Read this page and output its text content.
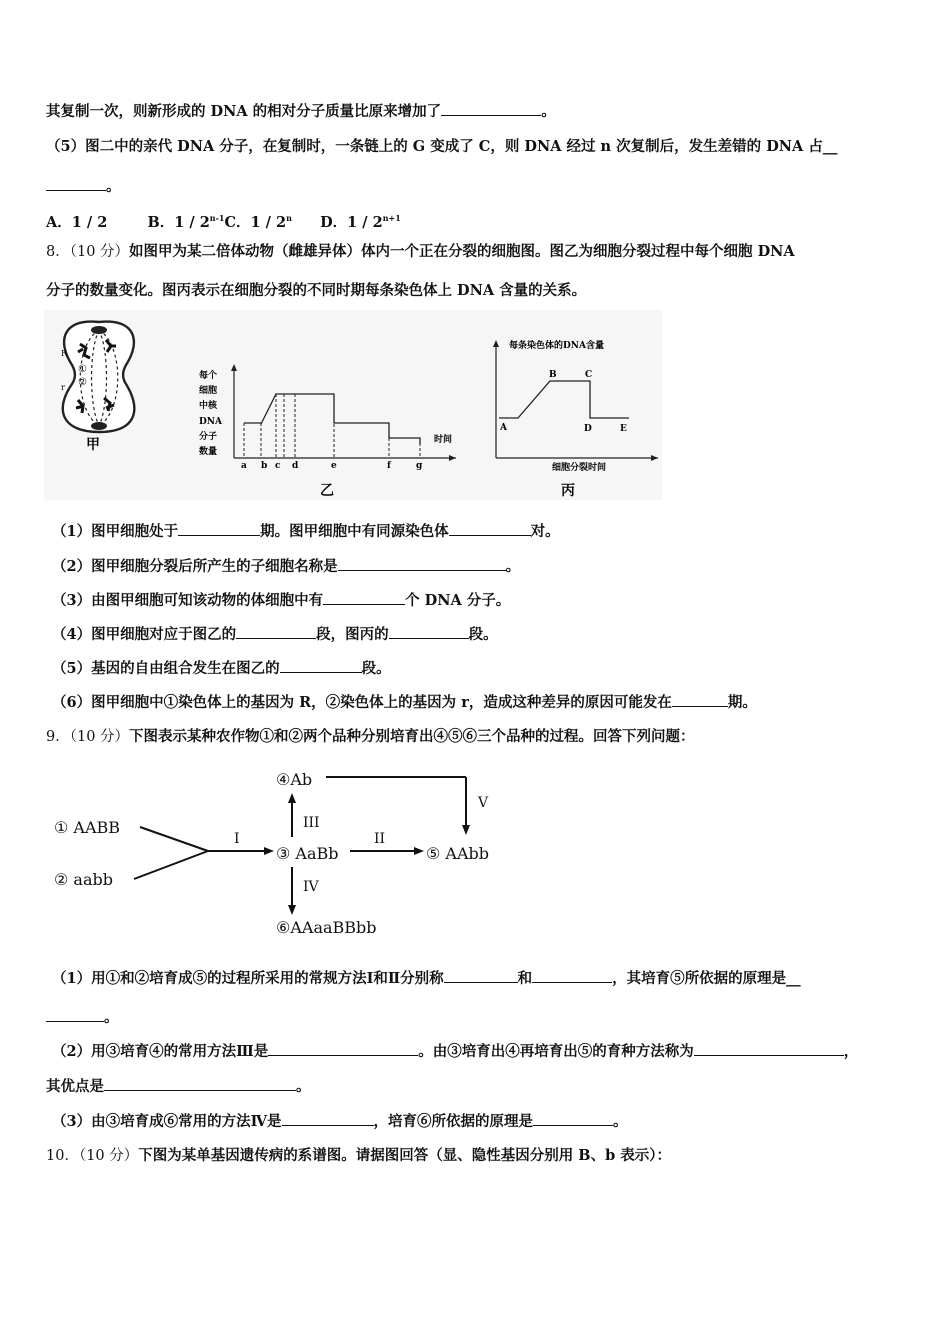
其复制一次，则新形成的 DNA 的相对分子质量比原来增加了	。
（5）图二中的亲代 DNA 分子，在复制时，一条链上的 G 变成了 C，则 DNA 经过 n 次复制后，发生差错的 DNA 占__
。
A．1 / 2	B．1 / 2$^{n-1}$C．1 / 2$^n$ D．$1 / 2^{n+1}$
8．（10 分）如图甲为某二倍体动物（雌雄异体）体内一个正在分裂的细胞图。图乙为细胞分裂过程中每个细胞 DNA
分子的数量变化。图丙表示在细胞分裂的不同时期每条染色体上 DNA 含量的关系。
R
r
①
②
甲
每个
细胞
中核
DNA
分子
数量
时间
a b c d	e	f	g
乙
每条染色体的DNA含量
A
B	C
D	E
细胞分裂时间
丙
（1）图甲细胞处于	期。图甲细胞中有同源染色体	对。
（2）图甲细胞分裂后所产生的子细胞名称是	。
（3）由图甲细胞可知该动物的体细胞中有	个 DNA 分子。
（4）图甲细胞对应于图乙的	段，图丙的	段。
（5）基因的自由组合发生在图乙的	段。
（6）图甲细胞中①染色体上的基因为 R，②染色体上的基因为 r，造成这种差异的原因可能发在	期。
9．（10 分）下图表示某种农作物①和②两个品种分别培育出④⑤⑥三个品种的过程。回答下列问题：
① AABB
② aabb
③ AaBb
④Ab
⑤ AAbb
⑥AAaaBBbb
I	II
III
IV
V
（1）用①和②培育成⑤的过程所采用的常规方法Ⅰ和Ⅱ分别称	和	，其培育⑤所依据的原理是__
。
（2）用③培育④的常用方法Ⅲ是	。由③培育出④再培育出⑤的育种方法称为	，
其优点是	。
（3）由③培育成⑥常用的方法Ⅳ是	，培育⑥所依据的原理是	。
10．（10 分）下图为某单基因遗传病的系谱图。请据图回答（显、隐性基因分别用 B、b 表示）：
